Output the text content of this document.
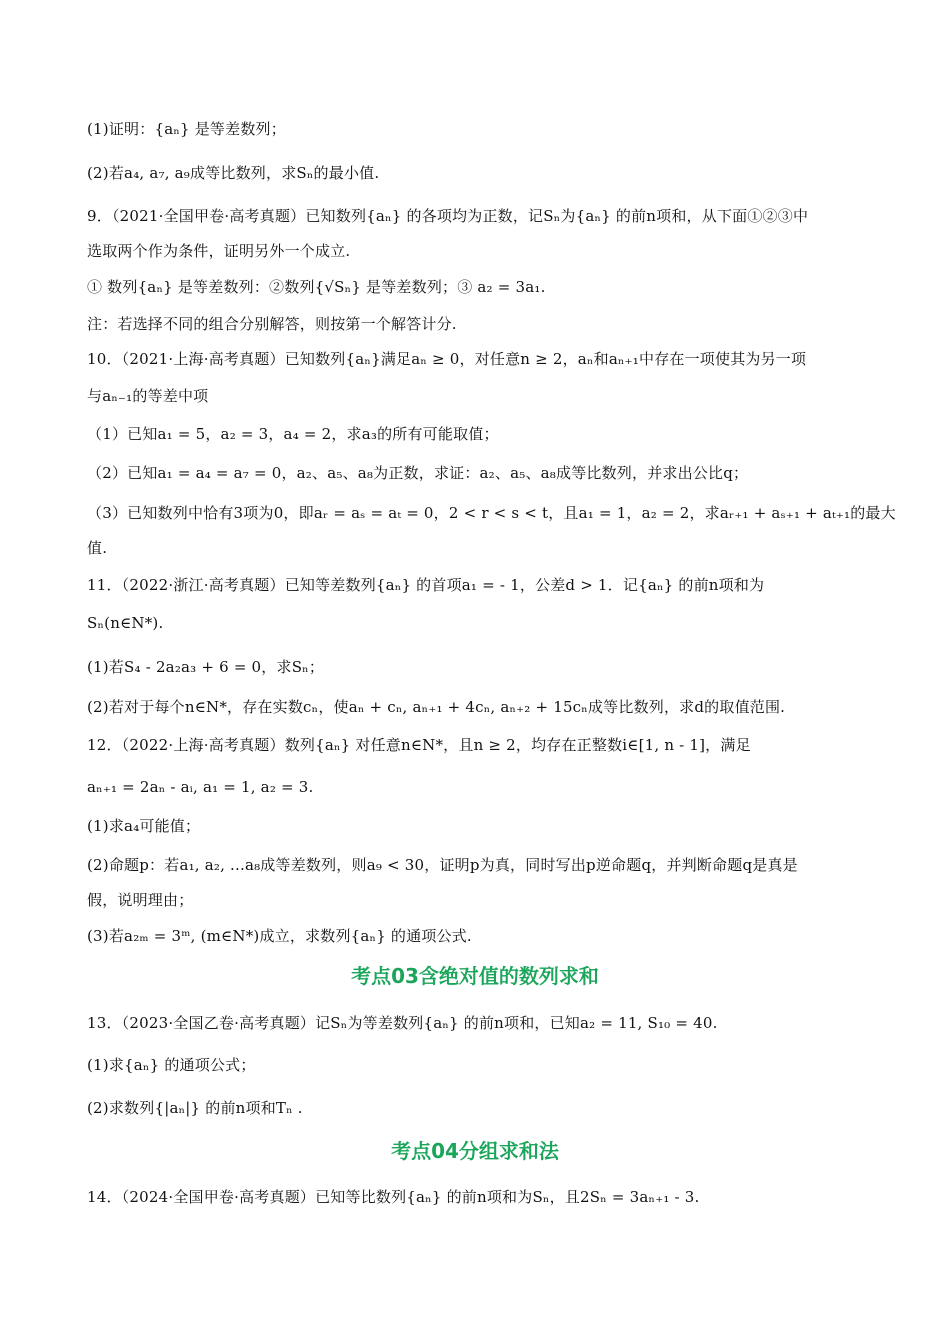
(1)证明：{aₙ} 是等差数列；
(2)若a₄, a₇, a₉成等比数列，求Sₙ的最小值.
9．（2021·全国甲卷·高考真题）已知数列{aₙ} 的各项均为正数，记Sₙ为{aₙ} 的前n项和，从下面①②③中
选取两个作为条件，证明另外一个成立.
① 数列{aₙ} 是等差数列：②数列{√Sₙ} 是等差数列；③ a₂ = 3a₁.
注：若选择不同的组合分别解答，则按第一个解答计分.
10．（2021·上海·高考真题）已知数列{aₙ}满足aₙ ≥ 0，对任意n ≥ 2，aₙ和aₙ₊₁中存在一项使其为另一项
与aₙ₋₁的等差中项
（1）已知a₁ = 5，a₂ = 3，a₄ = 2，求a₃的所有可能取值；
（2）已知a₁ = a₄ = a₇ = 0，a₂、a₅、a₈为正数，求证：a₂、a₅、a₈成等比数列，并求出公比q；
（3）已知数列中恰有3项为0，即aᵣ = aₛ = aₜ = 0，2 < r < s < t，且a₁ = 1，a₂ = 2，求aᵣ₊₁ + aₛ₊₁ + aₜ₊₁的最大
值.
11．（2022·浙江·高考真题）已知等差数列{aₙ} 的首项a₁ = - 1，公差d > 1．记{aₙ} 的前n项和为
Sₙ(n∈N*).
(1)若S₄ - 2a₂a₃ + 6 = 0，求Sₙ；
(2)若对于每个n∈N*，存在实数cₙ，使aₙ + cₙ, aₙ₊₁ + 4cₙ, aₙ₊₂ + 15cₙ成等比数列，求d的取值范围.
12．（2022·上海·高考真题）数列{aₙ} 对任意n∈N*，且n ≥ 2，均存在正整数i∈[1, n - 1]，满足
aₙ₊₁ = 2aₙ - aᵢ, a₁ = 1, a₂ = 3.
(1)求a₄可能值；
(2)命题p：若a₁, a₂, ...a₈成等差数列，则a₉ < 30，证明p为真，同时写出p逆命题q，并判断命题q是真是
假，说明理由；
(3)若a₂ₘ = 3ᵐ, (m∈N*)成立，求数列{aₙ} 的通项公式.
考点03含绝对值的数列求和
13．（2023·全国乙卷·高考真题）记Sₙ为等差数列{aₙ} 的前n项和，已知a₂ = 11, S₁₀ = 40.
(1)求{aₙ} 的通项公式；
(2)求数列{|aₙ|} 的前n项和Tₙ .
考点04分组求和法
14．（2024·全国甲卷·高考真题）已知等比数列{aₙ} 的前n项和为Sₙ，且2Sₙ = 3aₙ₊₁ - 3.
